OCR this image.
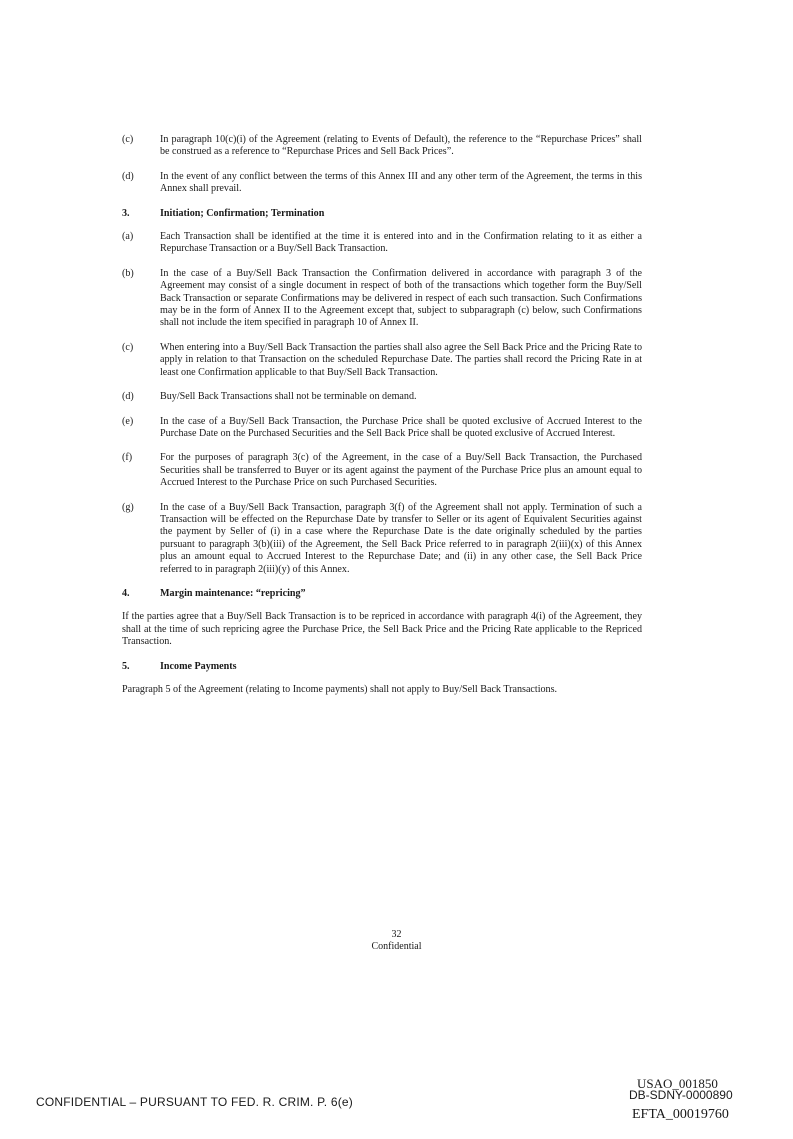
(c)	In paragraph 10(c)(i) of the Agreement (relating to Events of Default), the reference to the “Repurchase Prices” shall be construed as a reference to “Repurchase Prices and Sell Back Prices”.
(d)	In the event of any conflict between the terms of this Annex III and any other term of the Agreement, the terms in this Annex shall prevail.
3.	Initiation; Confirmation; Termination
(a)	Each Transaction shall be identified at the time it is entered into and in the Confirmation relating to it as either a Repurchase Transaction or a Buy/Sell Back Transaction.
(b)	In the case of a Buy/Sell Back Transaction the Confirmation delivered in accordance with paragraph 3 of the Agreement may consist of a single document in respect of both of the transactions which together form the Buy/Sell Back Transaction or separate Confirmations may be delivered in respect of each such transaction. Such Confirmations may be in the form of Annex II to the Agreement except that, subject to subparagraph (c) below, such Confirmations shall not include the item specified in paragraph 10 of Annex II.
(c)	When entering into a Buy/Sell Back Transaction the parties shall also agree the Sell Back Price and the Pricing Rate to apply in relation to that Transaction on the scheduled Repurchase Date. The parties shall record the Pricing Rate in at least one Confirmation applicable to that Buy/Sell Back Transaction.
(d)	Buy/Sell Back Transactions shall not be terminable on demand.
(e)	In the case of a Buy/Sell Back Transaction, the Purchase Price shall be quoted exclusive of Accrued Interest to the Purchase Date on the Purchased Securities and the Sell Back Price shall be quoted exclusive of Accrued Interest.
(f)	For the purposes of paragraph 3(c) of the Agreement, in the case of a Buy/Sell Back Transaction, the Purchased Securities shall be transferred to Buyer or its agent against the payment of the Purchase Price plus an amount equal to Accrued Interest to the Purchase Price on such Purchased Securities.
(g)	In the case of a Buy/Sell Back Transaction, paragraph 3(f) of the Agreement shall not apply. Termination of such a Transaction will be effected on the Repurchase Date by transfer to Seller or its agent of Equivalent Securities against the payment by Seller of (i) in a case where the Repurchase Date is the date originally scheduled by the parties pursuant to paragraph 3(b)(iii) of the Agreement, the Sell Back Price referred to in paragraph 2(iii)(x) of this Annex plus an amount equal to Accrued Interest to the Repurchase Date; and (ii) in any other case, the Sell Back Price referred to in paragraph 2(iii)(y) of this Annex.
4.	Margin maintenance: “repricing”
If the parties agree that a Buy/Sell Back Transaction is to be repriced in accordance with paragraph 4(i) of the Agreement, they shall at the time of such repricing agree the Purchase Price, the Sell Back Price and the Pricing Rate applicable to the Repriced Transaction.
5.	Income Payments
Paragraph 5 of the Agreement (relating to Income payments) shall not apply to Buy/Sell Back Transactions.
32
Confidential
CONFIDENTIAL – PURSUANT TO FED. R. CRIM. P. 6(e)
USAO_001850
DB-SDNY-0000890
EFTA_00019760
